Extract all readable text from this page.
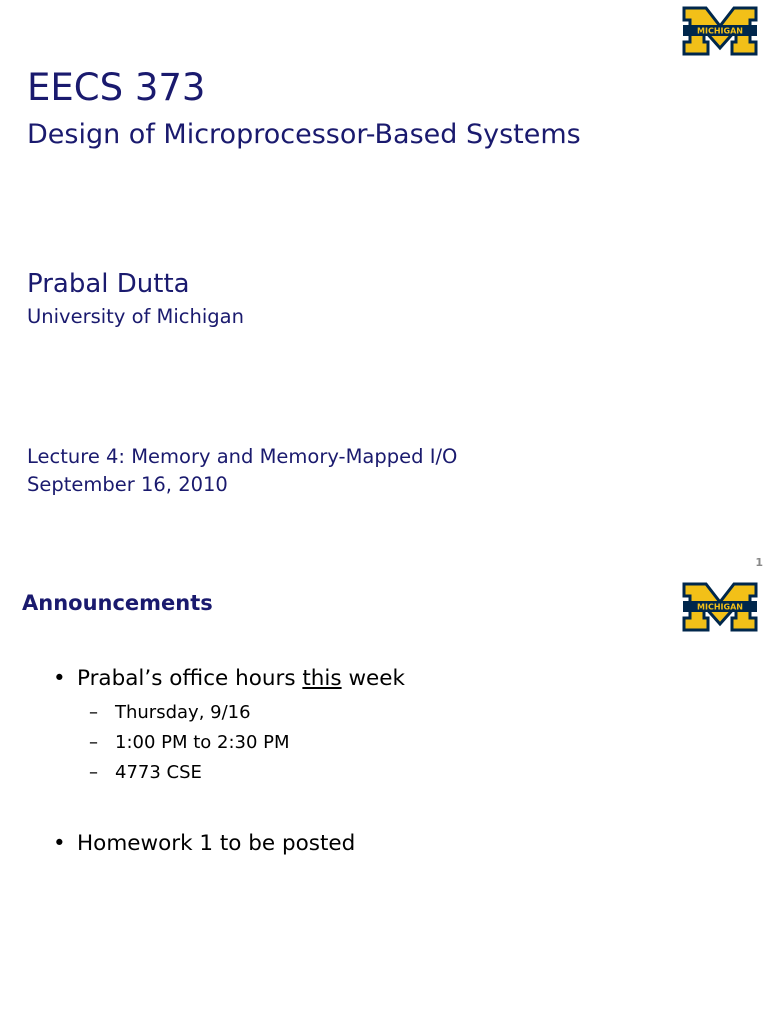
MICHIGAN
EECS 373
Design of Microprocessor-Based Systems
Prabal Dutta
University of Michigan
Lecture 4: Memory and Memory-Mapped I/O
September 16, 2010
1
MICHIGAN
Announcements
• Prabal’s office hours this week
– Thursday, 9/16
– 1:00 PM to 2:30 PM
– 4773 CSE
• Homework 1 to be posted
